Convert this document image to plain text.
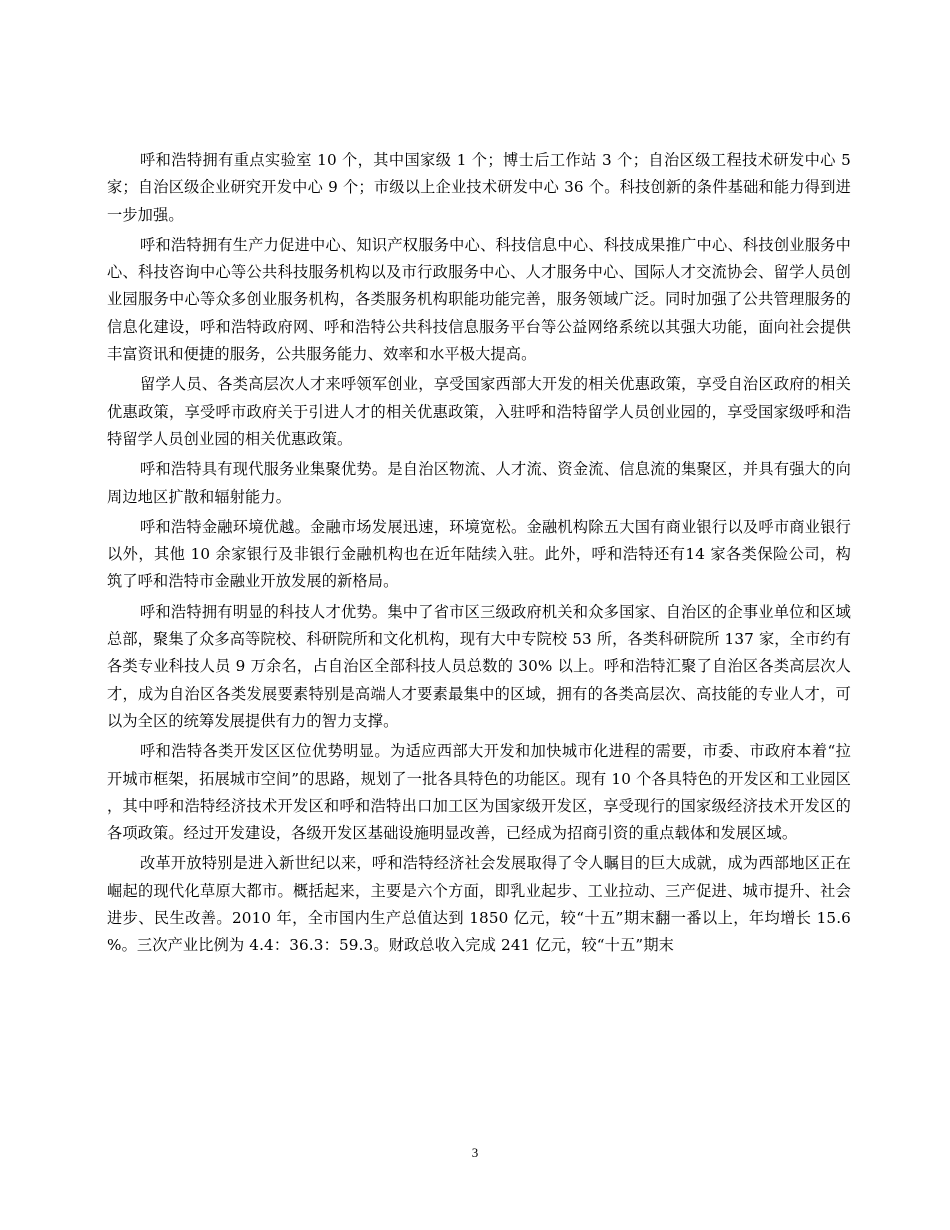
呼和浩特拥有重点实验室 10 个，其中国家级 1 个；博士后工作站 3 个；自治区级工程技术研发中心 5 家；自治区级企业研究开发中心 9 个；市级以上企业技术研发中心 36 个。科技创新的条件基础和能力得到进一步加强。

呼和浩特拥有生产力促进中心、知识产权服务中心、科技信息中心、科技成果推广中心、科技创业服务中心、科技咨询中心等公共科技服务机构以及市行政服务中心、人才服务中心、国际人才交流协会、留学人员创业园服务中心等众多创业服务机构，各类服务机构职能功能完善，服务领域广泛。同时加强了公共管理服务的信息化建设，呼和浩特政府网、呼和浩特公共科技信息服务平台等公益网络系统以其强大功能，面向社会提供丰富资讯和便捷的服务，公共服务能力、效率和水平极大提高。

留学人员、各类高层次人才来呼领军创业，享受国家西部大开发的相关优惠政策，享受自治区政府的相关优惠政策，享受呼市政府关于引进人才的相关优惠政策，入驻呼和浩特留学人员创业园的，享受国家级呼和浩特留学人员创业园的相关优惠政策。

呼和浩特具有现代服务业集聚优势。是自治区物流、人才流、资金流、信息流的集聚区，并具有强大的向周边地区扩散和辐射能力。

呼和浩特金融环境优越。金融市场发展迅速，环境宽松。金融机构除五大国有商业银行以及呼市商业银行以外，其他 10 余家银行及非银行金融机构也在近年陆续入驻。此外，呼和浩特还有14 家各类保险公司，构筑了呼和浩特市金融业开放发展的新格局。

呼和浩特拥有明显的科技人才优势。集中了省市区三级政府机关和众多国家、自治区的企事业单位和区域总部，聚集了众多高等院校、科研院所和文化机构，现有大中专院校 53 所，各类科研院所 137 家，全市约有各类专业科技人员 9 万余名，占自治区全部科技人员总数的 30% 以上。呼和浩特汇聚了自治区各类高层次人才，成为自治区各类发展要素特别是高端人才要素最集中的区域，拥有的各类高层次、高技能的专业人才，可以为全区的统筹发展提供有力的智力支撑。

呼和浩特各类开发区区位优势明显。为适应西部大开发和加快城市化进程的需要，市委、市政府本着“拉开城市框架，拓展城市空间”的思路，规划了一批各具特色的功能区。现有 10 个各具特色的开发区和工业园区，其中呼和浩特经济技术开发区和呼和浩特出口加工区为国家级开发区，享受现行的国家级经济技术开发区的各项政策。经过开发建设，各级开发区基础设施明显改善，已经成为招商引资的重点载体和发展区域。

改革开放特别是进入新世纪以来，呼和浩特经济社会发展取得了令人瞩目的巨大成就，成为西部地区正在崛起的现代化草原大都市。概括起来，主要是六个方面，即乳业起步、工业拉动、三产促进、城市提升、社会进步、民生改善。2010 年，全市国内生产总值达到 1850 亿元，较“十五”期末翻一番以上，年均增长 15.6%。三次产业比例为 4.4：36.3：59.3。财政总收入完成 241 亿元，较“十五”期末

3
